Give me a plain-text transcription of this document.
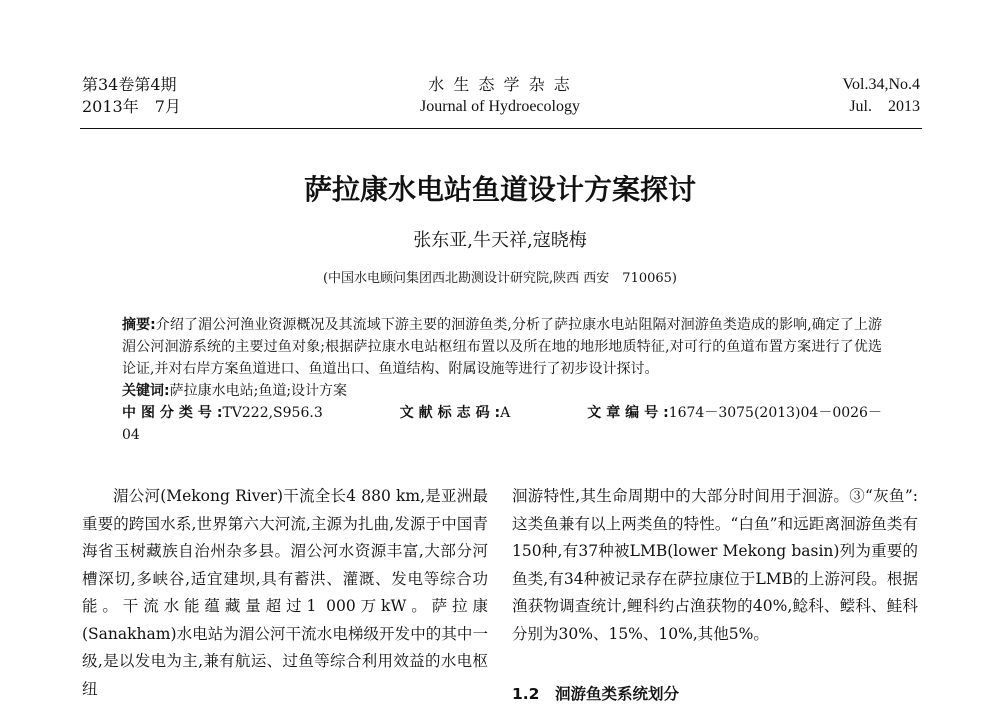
第34卷第4期
2013年　7月
水 生 态 学 杂 志
Journal of Hydroecology
Vol.34,No.4
Jul.　2013
萨拉康水电站鱼道设计方案探讨
张东亚,牛天祥,寇晓梅
(中国水电顾问集团西北勘测设计研究院,陕西 西安　710065)

摘要:介绍了湄公河渔业资源概况及其流域下游主要的洄游鱼类,分析了萨拉康水电站阻隔对洄游鱼类造成的影响,确定了上游湄公河洄游系统的主要过鱼对象;根据萨拉康水电站枢纽布置以及所在地的地形地质特征,对可行的鱼道布置方案进行了优选论证,并对右岸方案鱼道进口、鱼道出口、鱼道结构、附属设施等进行了初步设计探讨。

关键词:萨拉康水电站;鱼道;设计方案

中图分类号:TV222,S956.3	文献标志码:A	文章编号:1674－3075(2013)04－0026－04

湄公河(Mekong River)干流全长4 880 km,是亚洲最重要的跨国水系,世界第六大河流,主源为扎曲,发源于中国青海省玉树藏族自治州杂多县。湄公河水资源丰富,大部分河槽深切,多峡谷,适宜建坝,具有蓄洪、灌溉、发电等综合功能。干流水能蕴藏量超过1 000万kW。萨拉康(Sanakham)水电站为湄公河干流水电梯级开发中的其中一级,是以发电为主,兼有航运、过鱼等综合利用效益的水电枢纽
洄游特性,其生命周期中的大部分时间用于洄游。③“灰鱼”:这类鱼兼有以上两类鱼的特性。“白鱼”和远距离洄游鱼类有150种,有37种被LMB(lower Mekong basin)列为重要的鱼类,有34种被记录存在萨拉康位于LMB的上游河段。根据渔获物调查统计,鲤科约占渔获物的40%,鲶科、鲿科、鲑科分别为30%、15%、10%,其他5%。
1.2　洄游鱼类系统划分
